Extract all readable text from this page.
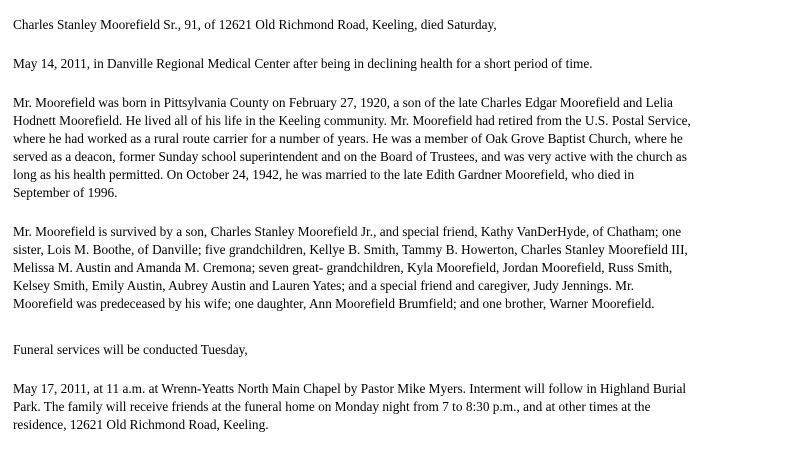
Charles Stanley Moorefield Sr., 91, of 12621 Old Richmond Road, Keeling, died Saturday,

May 14, 2011, in Danville Regional Medical Center after being in declining health for a short period of time.

Mr. Moorefield was born in Pittsylvania County on February 27, 1920, a son of the late Charles Edgar Moorefield and Lelia
Hodnett Moorefield. He lived all of his life in the Keeling community. Mr. Moorefield had retired from the U.S. Postal Service,
where he had worked as a rural route carrier for a number of years. He was a member of Oak Grove Baptist Church, where he
served as a deacon, former Sunday school superintendent and on the Board of Trustees, and was very active with the church as
long as his health permitted. On October 24, 1942, he was married to the late Edith Gardner Moorefield, who died in
September of 1996.

Mr. Moorefield is survived by a son, Charles Stanley Moorefield Jr., and special friend, Kathy VanDerHyde, of Chatham; one
sister, Lois M. Boothe, of Danville; five grandchildren, Kellye B. Smith, Tammy B. Howerton, Charles Stanley Moorefield III,
Melissa M. Austin and Amanda M. Cremona; seven great- grandchildren, Kyla Moorefield, Jordan Moorefield, Russ Smith,
Kelsey Smith, Emily Austin, Aubrey Austin and Lauren Yates; and a special friend and caregiver, Judy Jennings. Mr.
Moorefield was predeceased by his wife; one daughter, Ann Moorefield Brumfield; and one brother, Warner Moorefield.

Funeral services will be conducted Tuesday,

May 17, 2011, at 11 a.m. at Wrenn-Yeatts North Main Chapel by Pastor Mike Myers. Interment will follow in Highland Burial
Park. The family will receive friends at the funeral home on Monday night from 7 to 8:30 p.m., and at other times at the
residence, 12621 Old Richmond Road, Keeling.
